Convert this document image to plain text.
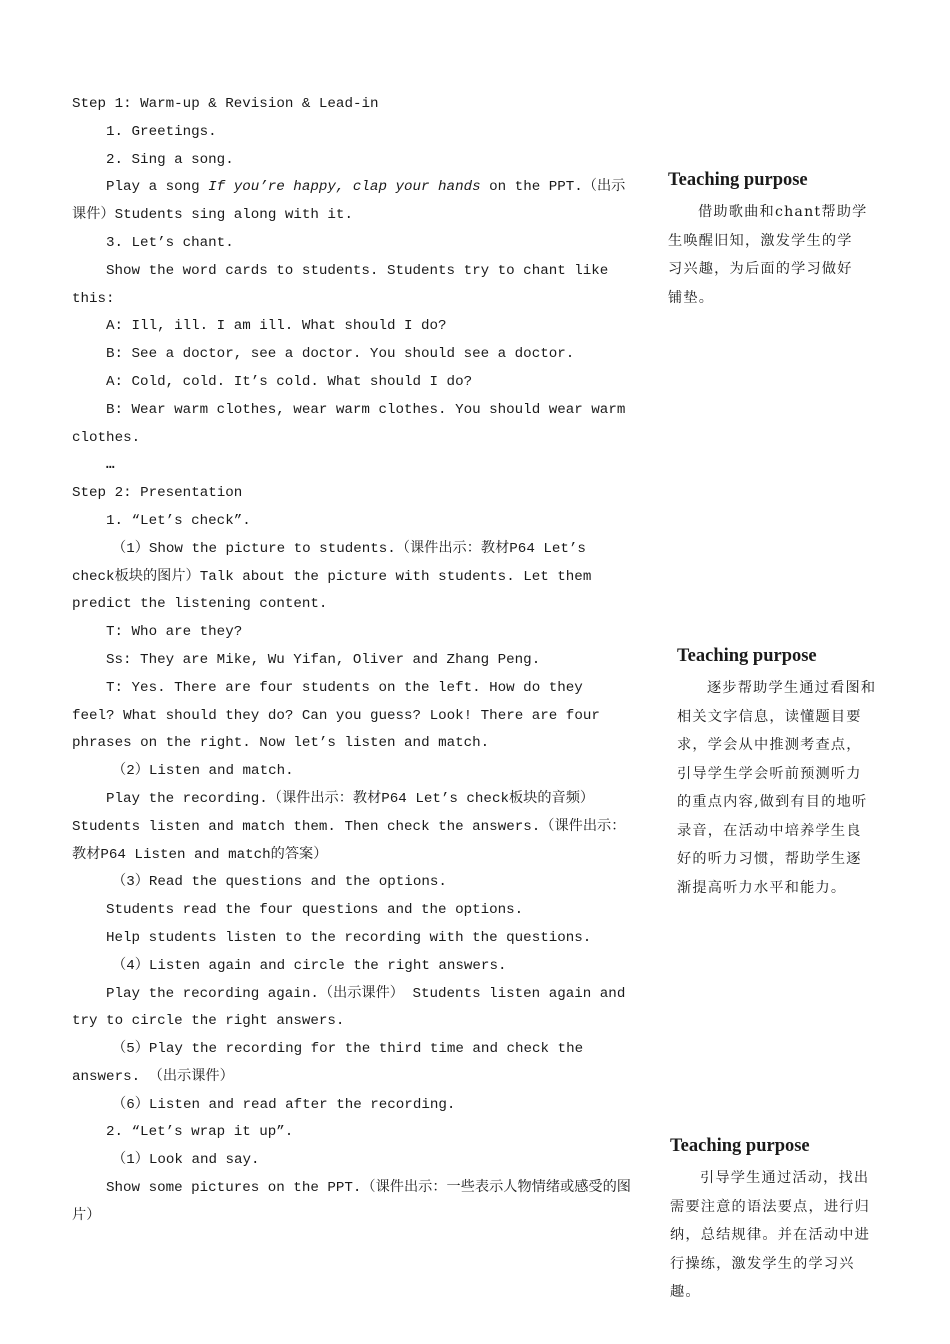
Step 1: Warm-up & Revision & Lead-in

1. Greetings.

2. Sing a song.

Play a song If you’re happy, clap your hands on the PPT.（出示课件）Students sing along with it.

3. Let’s chant.

Show the word cards to students. Students try to chant like this:

A: Ill, ill. I am ill. What should I do?

B: See a doctor, see a doctor. You should see a doctor.

A: Cold, cold. It’s cold. What should I do?

B: Wear warm clothes, wear warm clothes. You should wear warm clothes.

…

Step 2: Presentation

1. “Let’s check”.

（1）Show the picture to students.（课件出示：教材P64 Let’s check板块的图片）Talk about the picture with students. Let them predict the listening content.

T: Who are they?

Ss: They are Mike, Wu Yifan, Oliver and Zhang Peng.

T: Yes. There are four students on the left. How do they feel? What should they do? Can you guess? Look! There are four phrases on the right. Now let’s listen and match.

（2）Listen and match.

Play the recording.（课件出示：教材P64 Let’s check板块的音频） Students listen and match them. Then check the answers.（课件出示：教材P64 Listen and match的答案）

（3）Read the questions and the options.

Students read the four questions and the options.

Help students listen to the recording with the questions.

（4）Listen again and circle the right answers.

Play the recording again.（出示课件） Students listen again and try to circle the right answers.

（5）Play the recording for the third time and check the answers. （出示课件）

（6）Listen and read after the recording.

2. “Let’s wrap it up”.

（1）Look and say.

Show some pictures on the PPT.（课件出示：一些表示人物情绪或感受的图片）

Teaching purpose

借助歌曲和chant帮助学生唤醒旧知，激发学生的学习兴趣，为后面的学习做好铺垫。

Teaching purpose

逐步帮助学生通过看图和相关文字信息，读懂题目要求，学会从中推测考查点，引导学生学会听前预测听力的重点内容,做到有目的地听录音，在活动中培养学生良好的听力习惯，帮助学生逐渐提高听力水平和能力。

Teaching purpose

引导学生通过活动，找出需要注意的语法要点，进行归纳，总结规律。并在活动中进行操练，激发学生的学习兴趣。
